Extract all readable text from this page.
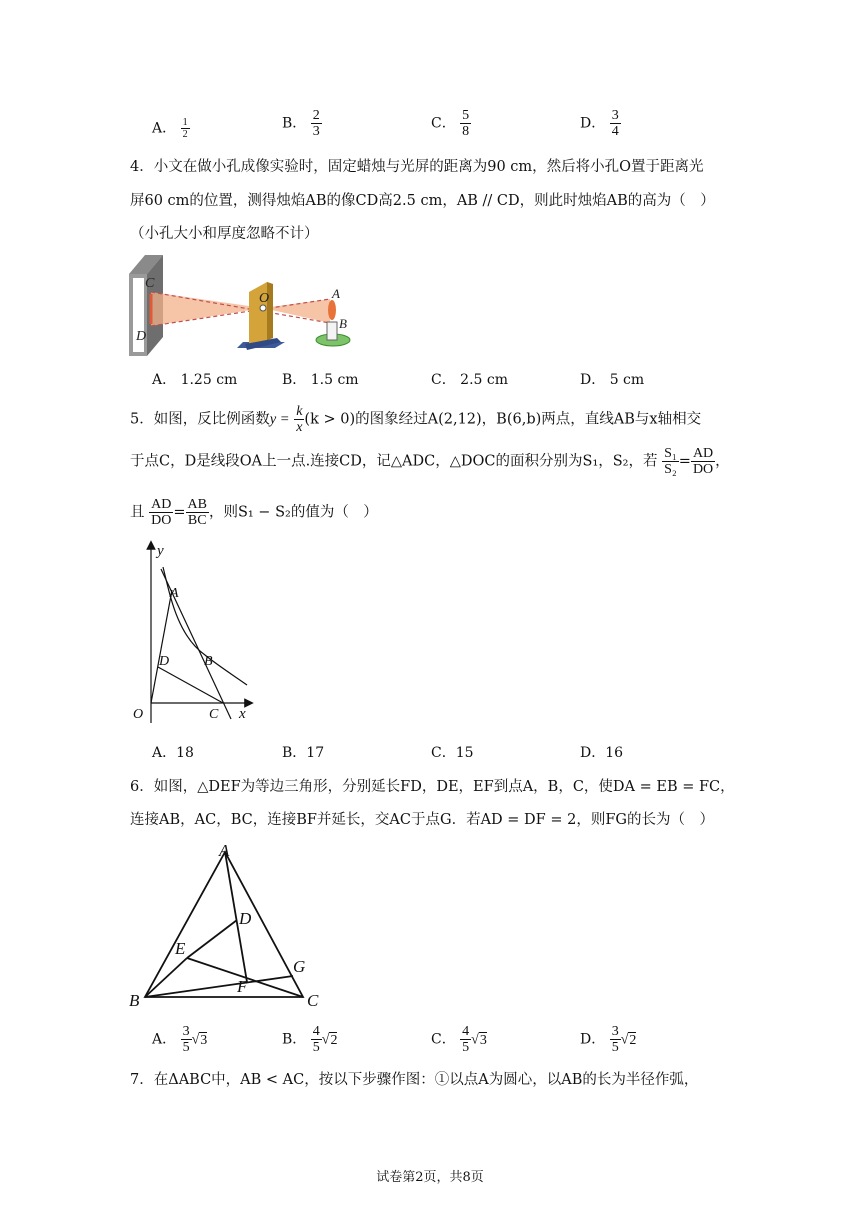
A． $\frac{1}{2}$	B． $\frac{2}{3}$	C． $\frac{5}{8}$	D． $\frac{3}{4}$
4．小文在做小孔成像实验时，固定蜡烛与光屏的距离为90 cm，然后将小孔O置于距离光
屏60 cm的位置，测得烛焰AB的像CD高2.5 cm，AB // CD，则此时烛焰AB的高为（　）
（小孔大小和厚度忽略不计）
C
D
O	A
B
A． 1.25 cm	B． 1.5 cm	C． 2.5 cm	D． 5 cm
5．如图，反比例函数$y = \frac{k}{x} (k > 0)$的图象经过A(2,12)，B(6,b)两点，直线AB与x轴相交
于点C，D是线段OA上一点.连接CD，记△ADC，△DOC的面积分别为S₁，S₂，若 $\frac{\text{S₁}}{\text{S₂}} = \frac{AD}{DO}$ ，
且 $\frac{AD}{DO} = \frac{AB}{BC}$ ，则S₁ − S₂的值为（　）
y
x
A
B
D
C
O
A．18	B．17	C．15	D．16
6．如图，△DEF为等边三角形，分别延长FD，DE，EF到点A，B，C，使DA = EB = FC，
连接AB，AC，BC，连接BF并延长，交AC于点G．若AD = DF = 2，则FG的长为（　）
A
D
E
F
G
B	C
A． $\frac{3}{5} √3$	B． $\frac{4}{5} √2$	C． $\frac{4}{5} √3$	D． $\frac{3}{5} √2$
7．在ΔABC中，AB < AC，按以下步骤作图：①以点A为圆心，以AB的长为半径作弧，
试卷第2页，共8页
